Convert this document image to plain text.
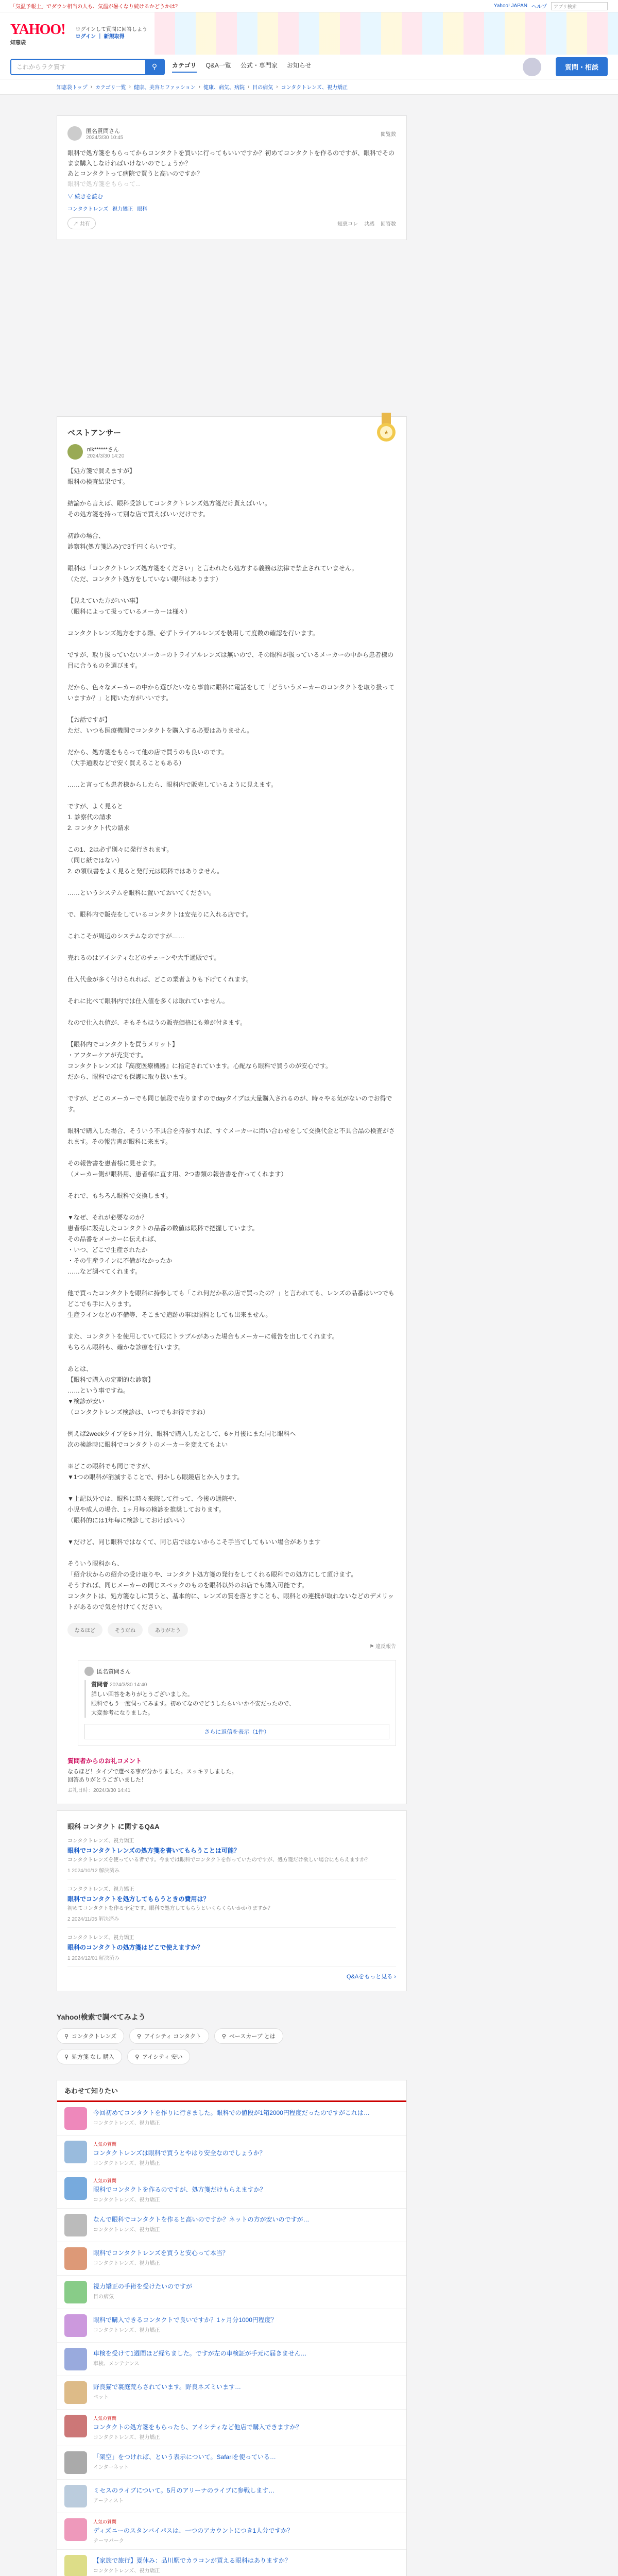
「気温予報士」でダウン相当の人も、気温が暑くなり続けるかどうかは？	Yahoo! JAPAN ヘルプ	アプリ検索
YAHOO!
知恵袋
ログインして質問に回答しよう
ログイン ｜ 新規取得
これからラク質す	⚲	カテゴリ Q&A一覧 公式・専門家 お知らせ	質問・相談
知恵袋トップ › カテゴリ一覧 › 健康、美容とファッション › 健康、病気、病院 › 目の病気 › コンタクトレンズ、視力矯正
匿名質問さん
2024/3/30 10:45
閲覧数
眼科で処方箋をもらってからコンタクトを買いに行ってもいいですか？初めてコンタクトを作るのですが、眼科でそのまま購入しなければいけないのでしょうか？
あとコンタクトって病院で買うと高いのですか？
眼科で処方箋をもらって...
∨ 続きを読む
コンタクトレンズ 視力矯正 眼科
↗ 共有	知恵コレ 共感 回答数
★
ベストアンサー
nik******さん
2024/3/30 14:20
【処方箋で買えますが】
眼科の検査結果です。

結論から言えば、眼科受診してコンタクトレンズ処方箋だけ貰えばいい。
その処方箋を持って別な店で買えばいいだけです。

初診の場合、
診察料(処方箋込み)で3千円くらいです。

眼科は「コンタクトレンズ処方箋をください」と言われたら処方する義務は法律で禁止されていません。
（ただ、コンタクト処方をしていない眼科はあります）

【見えていた方がいい事】
（眼科によって扱っているメーカーは様々）

コンタクトレンズ処方をする際、必ずトライアルレンズを装用して度数の確認を行います。

ですが、取り扱っていないメーカーのトライアルレンズは無いので、その眼科が扱っているメーカーの中から患者様の目に合うものを選びます。

だから、色々なメーカーの中から選びたいなら事前に眼科に電話をして「どういうメーカーのコンタクトを取り扱っていますか？」と聞いた方がいいです。

【お話ですが】
ただ、いつも医療機関でコンタクトを購入する必要はありません。

だから、処方箋をもらって他の店で買うのも良いのです。
（大手通販などで安く買えることもある）

……と言っても患者様からしたら、眼科内で販売しているように見えます。

ですが、よく見ると
1. 診察代の請求
2. コンタクト代の請求

この1、2は必ず別々に発行されます。
（同じ紙ではない）
2. の領収書をよく見ると発行元は眼科ではありません。

……というシステムを眼科に置いておいてください。

で、眼科内で販売をしているコンタクトは安売りに入れる店です。

これこそが周辺のシステムなのですが……

売れるのはアイシティなどのチェーンや大手通販です。

仕入代金が多く付けられれば、どこの業者よりも下げてくれます。

それに比べて眼科内では仕入値を多くは取れていません。

なので仕入れ値が、そもそもほうの販売価格にも差が付きます。

【眼科内でコンタクトを買うメリット】
・アフターケアが充実です。
コンタクトレンズは『高度医療機器』に指定されています。心配なら眼科で買うのが安心です。
だから、眼科ではでも保護に取り扱います。

ですが、どこのメーカーでも同じ値段で売りますのでdayタイプは大量購入されるのが、時々やる気がないのでお得です。

眼科で購入した場合、そういう不具合を持参すれば、すぐメーカーに問い合わせをして交換代金と不具合品の検査がされます。その報告書が眼科に来ます。

その報告書を患者様に見せます。
（メーカー側が眼科用、患者様に直す用、2つ書類の報告書を作ってくれます）

それで、もちろん眼科で交換します。

▼なぜ、それが必要なのか？
患者様に販売したコンタクトの品番の数値は眼科で把握しています。
その品番をメーカーに伝えれば、
・いつ、どこで生産されたか
・その生産ラインに不備がなかったか
……など調べてくれます。

他で買ったコンタクトを眼科に持参しても「これ何だか私の店で買ったの？」と言われても、レンズの品番はいつでもどこでも手に入ります。
生産ラインなどの不備等、そこまで追跡の事は眼科としても出来ません。

また、コンタクトを使用していて眼にトラブルがあった場合もメーカーに報告を出してくれます。
もちろん眼科も、確かな診療を行います。

あとは、
【眼科で購入の定期的な診察】
……という事ですね。
▼検診が安い
（コンタクトレンズ検診は、いつでもお得ですね）

例えば2week夕イプを6ヶ月分、眼科で購入したとして、6ヶ月後にまた同じ眼科へ
次の検診時に眼科でコンタクトのメーカーを変えてもよい

※どこの眼科でも同じですが、
▼1つの眼科が消滅することで、何かしら眼鏡店とか入ります。

▼上記以外では、眼科に時々来院して行って、今後の通院や、
小児や成人の場合、1ヶ月毎の検診を推奨しております。
（眼科的には1年毎に検診しておけばいい）

▼だけど、同じ眼科ではなくて、同じ店ではないからこそ手当てしてもいい場合があります

そういう眼科から、
「紹介状からの紹介の受け取りや、コンタクト処方箋の発行をしてくれる眼科での処方にして頂けます。
そうすれば、同じメーカーの同じスペックのものを眼科以外のお店でも購入可能です。
コンタクトは、処方箋なしに買うと、基本的に、レンズの質を落とすことも、眼科との連携が取れないなどのデメリットがあるので気を付けてください。
なるほど	そうだね	ありがとう
⚑ 違反報告
匿名質問さん
質問者 2024/3/30 14:40
詳しい回答をありがとうございました。
眼科でもう一度伺ってみます。初めてなのでどうしたらいいか不安だったので、
大変参考になりました。
さらに返信を表示（1件）
質問者からのお礼コメント
なるほど！タイプで選べる事が分かりました。スッキリしました。
回答ありがとうございました！
お礼日時：2024/3/30 14:41
眼科 コンタクト に関するQ&A
コンタクトレンズ、視力矯正
眼科でコンタクトレンズの処方箋を書いてもらうことは可能？
コンタクトレンズを使っている者です。今までは眼科でコンタクトを作っていたのですが、処方箋だけ欲しい場合にもらえますか？
1 2024/10/12 解決済み
コンタクトレンズ、視力矯正
眼科でコンタクトを処方してもらうときの費用は？
初めてコンタクトを作る予定です。眼科で処方してもらうといくらくらいかかりますか？
2 2024/11/05 解決済み
コンタクトレンズ、視力矯正
眼科のコンタクトの処方箋はどこで使えますか？
1 2024/12/01 解決済み
Q&Aをもっと見る ›
Yahoo!検索で調べてみよう
⚲ コンタクトレンズ	⚲ アイシティ コンタクト	⚲ ベースカーブ とは
⚲ 処方箋 なし 購入	⚲ アイシティ 安い
あわせて知りたい
今回初めてコンタクトを作りに行きました。眼科での値段が1箱2000円程度だったのですがこれは…
コンタクトレンズ、視力矯正
人気の質問
コンタクトレンズは眼科で買うとやはり安全なのでしょうか？
コンタクトレンズ、視力矯正
人気の質問
眼科でコンタクトを作るのですが、処方箋だけもらえますか？
コンタクトレンズ、視力矯正
なんで眼科でコンタクトを作ると高いのですか？ネットの方が安いのですが…
コンタクトレンズ、視力矯正
眼科でコンタクトレンズを買うと安心って本当？
コンタクトレンズ、視力矯正
視力矯正の手術を受けたいのですが
目の病気
眼科で購入できるコンタクトで良いですか？1ヶ月分1000円程度？
コンタクトレンズ、視力矯正
車検を受けて1週間ほど経ちました。ですが左の車検証が手元に届きません…
車検、メンテナンス
野良猫で裏庭荒らされています。野良ネズミいます…
ペット
人気の質問
コンタクトの処方箋をもらったら、アイシティなど他店で購入できますか？
コンタクトレンズ、視力矯正
「架空」をつければ、という表示について。Safariを使っている…
インターネット
ミセスのライブについて。5月のアリーナのライブに参戦します…
アーティスト
人気の質問
ディズニーのスタンバイパスは、一つのアカウントにつき1人分ですか？
テーマパーク
【家族で旅行】夏休み：品川駅でカラコンが買える眼科はありますか？
コンタクトレンズ、視力矯正
